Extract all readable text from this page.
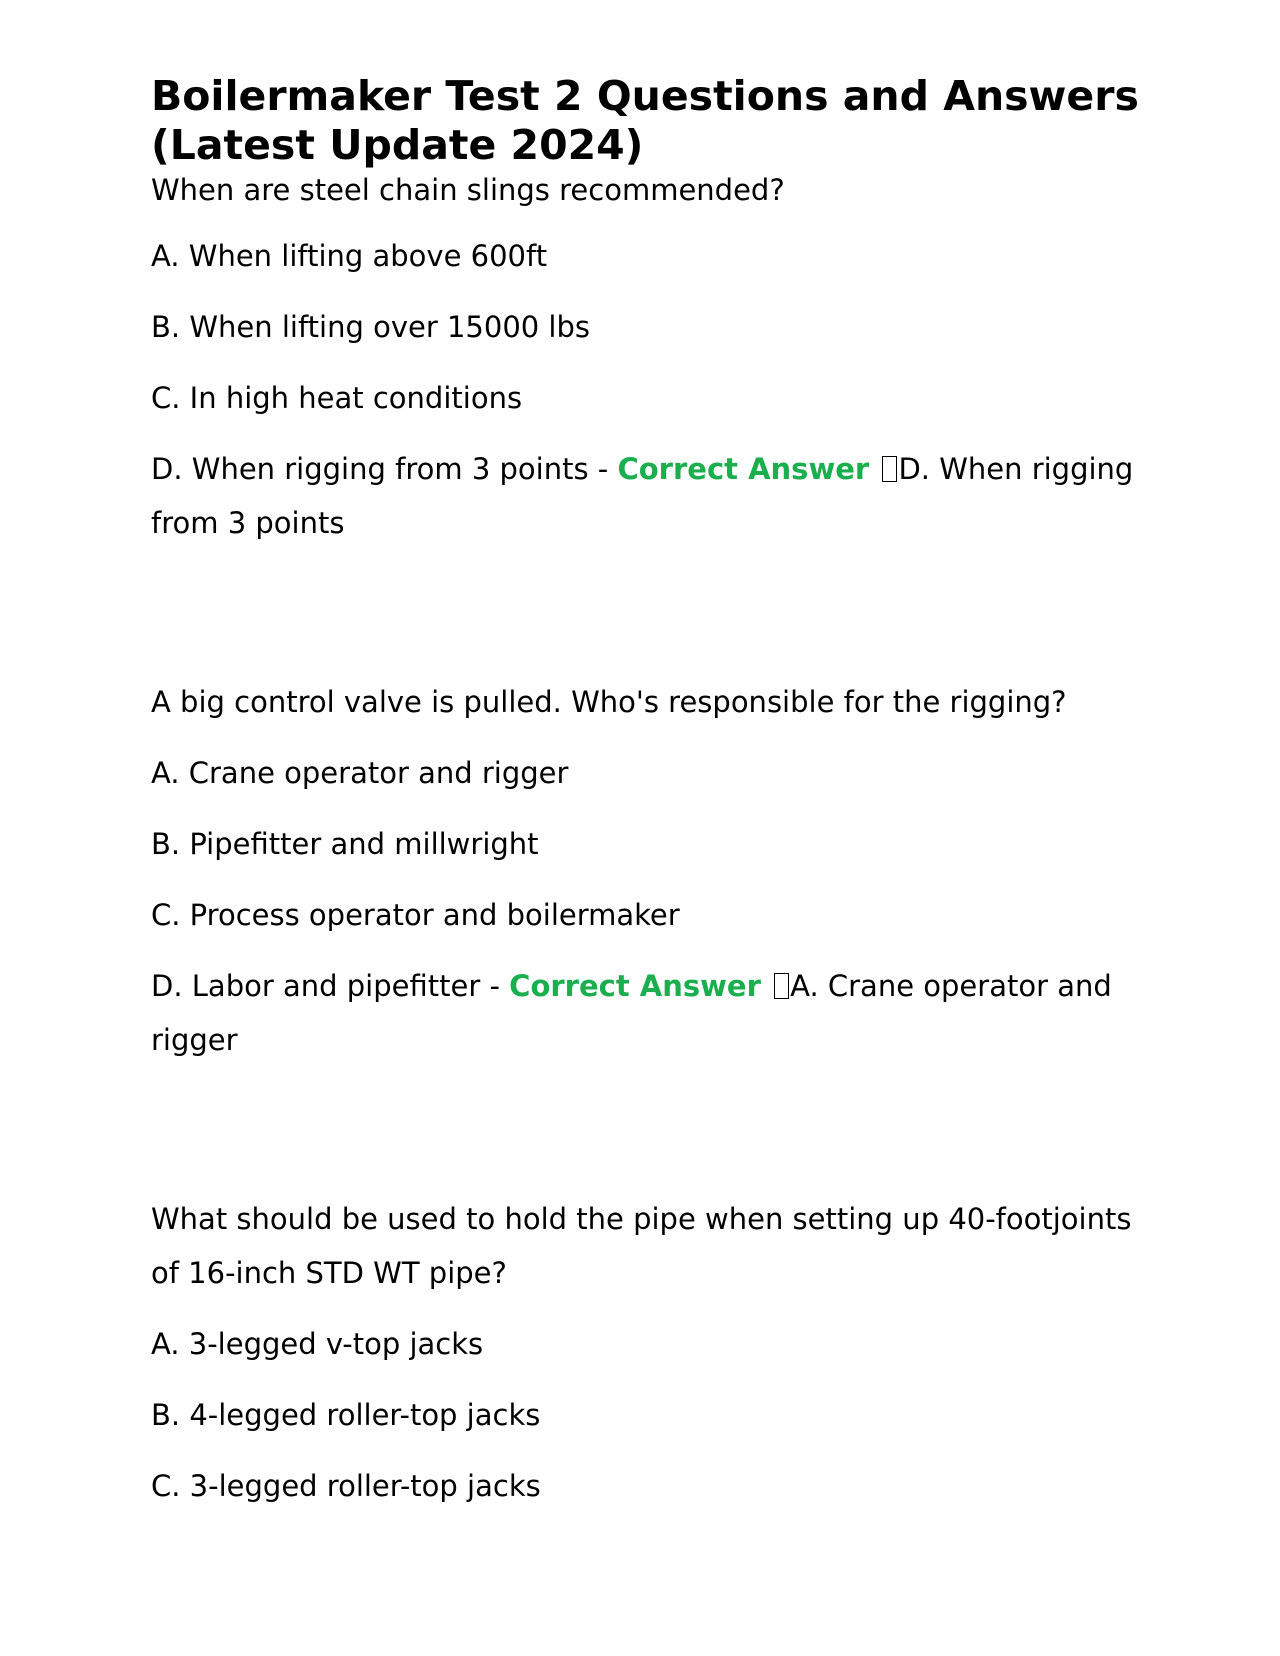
Boilermaker Test 2 Questions and Answers (Latest Update 2024)

When are steel chain slings recommended?

A. When lifting above 600ft

B. When lifting over 15000 lbs

C. In high heat conditions

D. When rigging from 3 points - Correct Answer D. When rigging from 3 points

A big control valve is pulled. Who's responsible for the rigging?

A. Crane operator and rigger

B. Pipefitter and millwright

C. Process operator and boilermaker

D. Labor and pipefitter - Correct Answer A. Crane operator and rigger

What should be used to hold the pipe when setting up 40-footjoints of 16-inch STD WT pipe?

A. 3-legged v-top jacks

B. 4-legged roller-top jacks

C. 3-legged roller-top jacks
